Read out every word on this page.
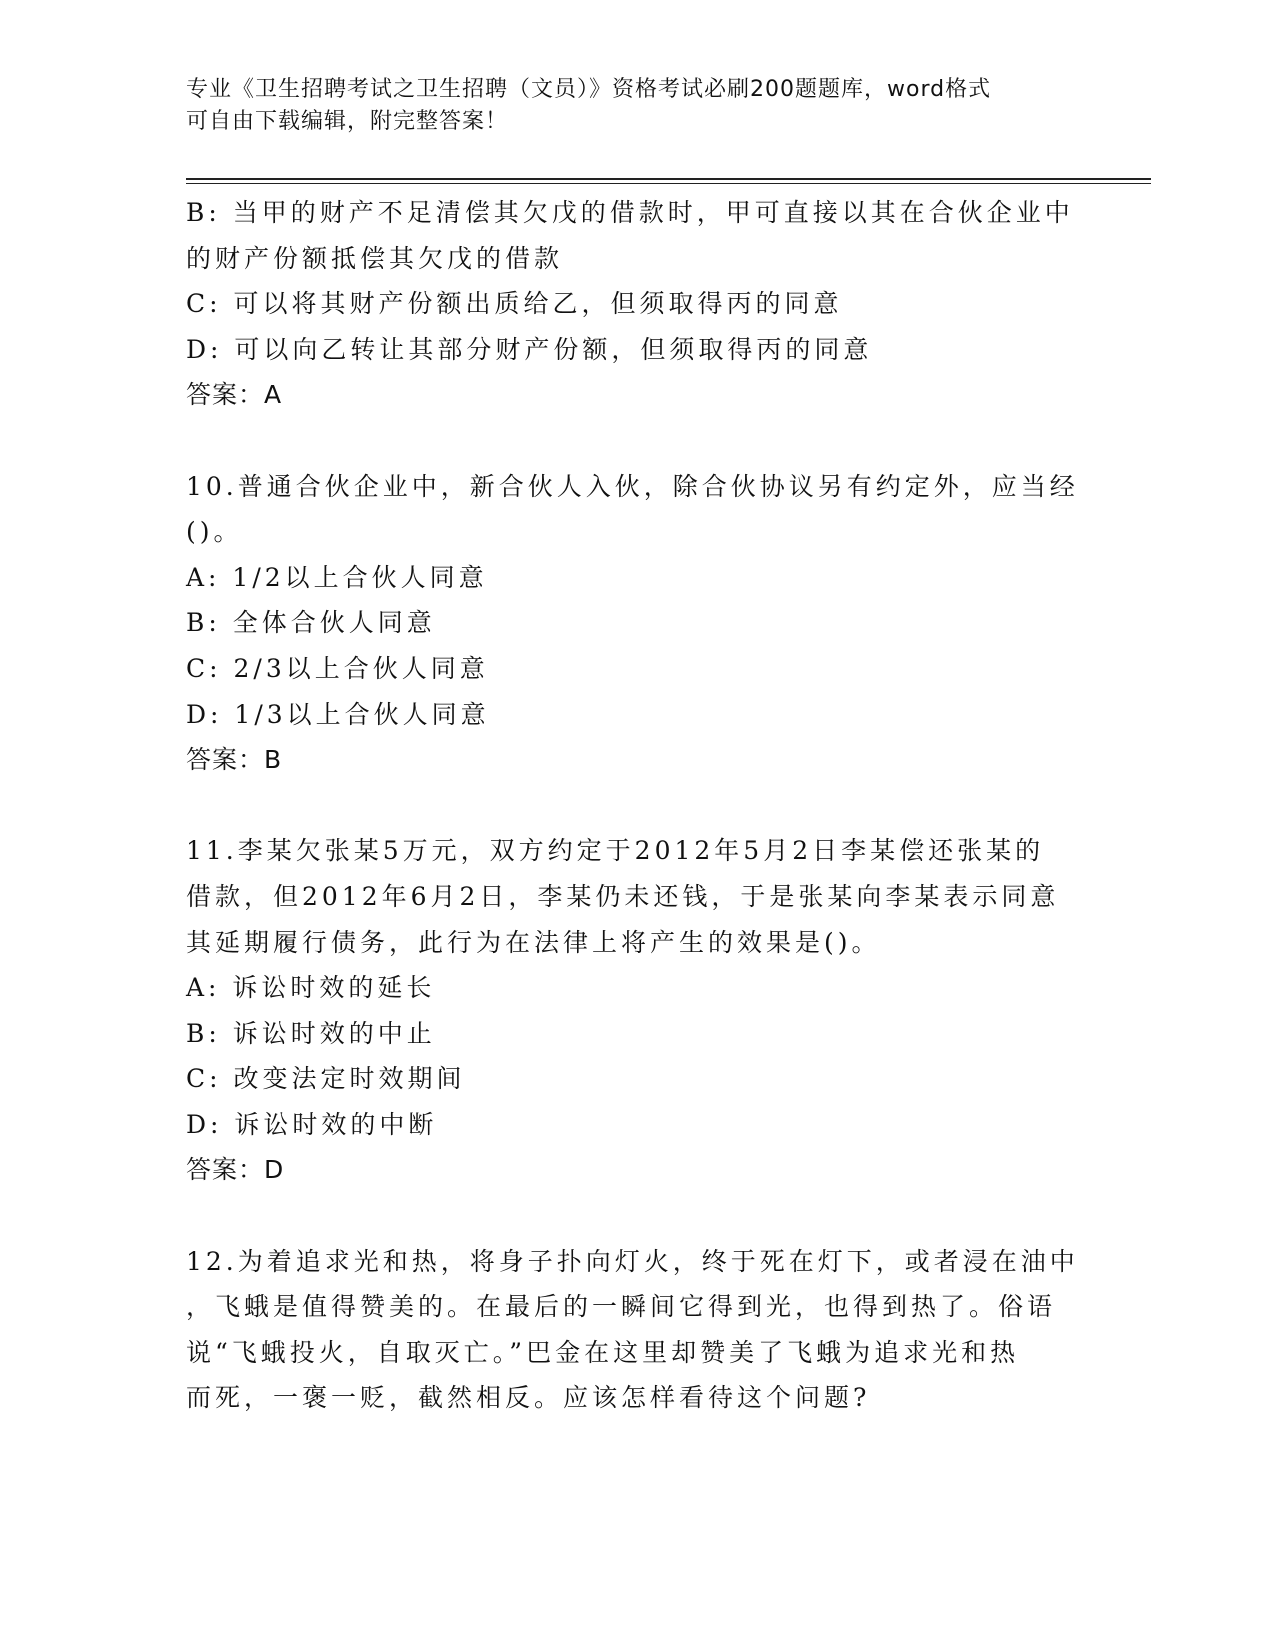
专业《卫生招聘考试之卫生招聘（文员）》资格考试必刷200题题库，word格式
可自由下载编辑，附完整答案！
B: 当甲的财产不足清偿其欠戊的借款时，甲可直接以其在合伙企业中
的财产份额抵偿其欠戊的借款
C: 可以将其财产份额出质给乙，但须取得丙的同意
D: 可以向乙转让其部分财产份额，但须取得丙的同意
答案：A
10.普通合伙企业中，新合伙人入伙，除合伙协议另有约定外，应当经
()。
A: 1/2以上合伙人同意
B: 全体合伙人同意
C: 2/3以上合伙人同意
D: 1/3以上合伙人同意
答案：B
11.李某欠张某5万元，双方约定于2012年5月2日李某偿还张某的
借款，但2012年6月2日，李某仍未还钱，于是张某向李某表示同意
其延期履行债务，此行为在法律上将产生的效果是()。
A: 诉讼时效的延长
B: 诉讼时效的中止
C: 改变法定时效期间
D: 诉讼时效的中断
答案：D
12.为着追求光和热，将身子扑向灯火，终于死在灯下，或者浸在油中
，飞蛾是值得赞美的。在最后的一瞬间它得到光，也得到热了。俗语
说“飞蛾投火，自取灭亡。”巴金在这里却赞美了飞蛾为追求光和热
而死，一褒一贬，截然相反。应该怎样看待这个问题?
